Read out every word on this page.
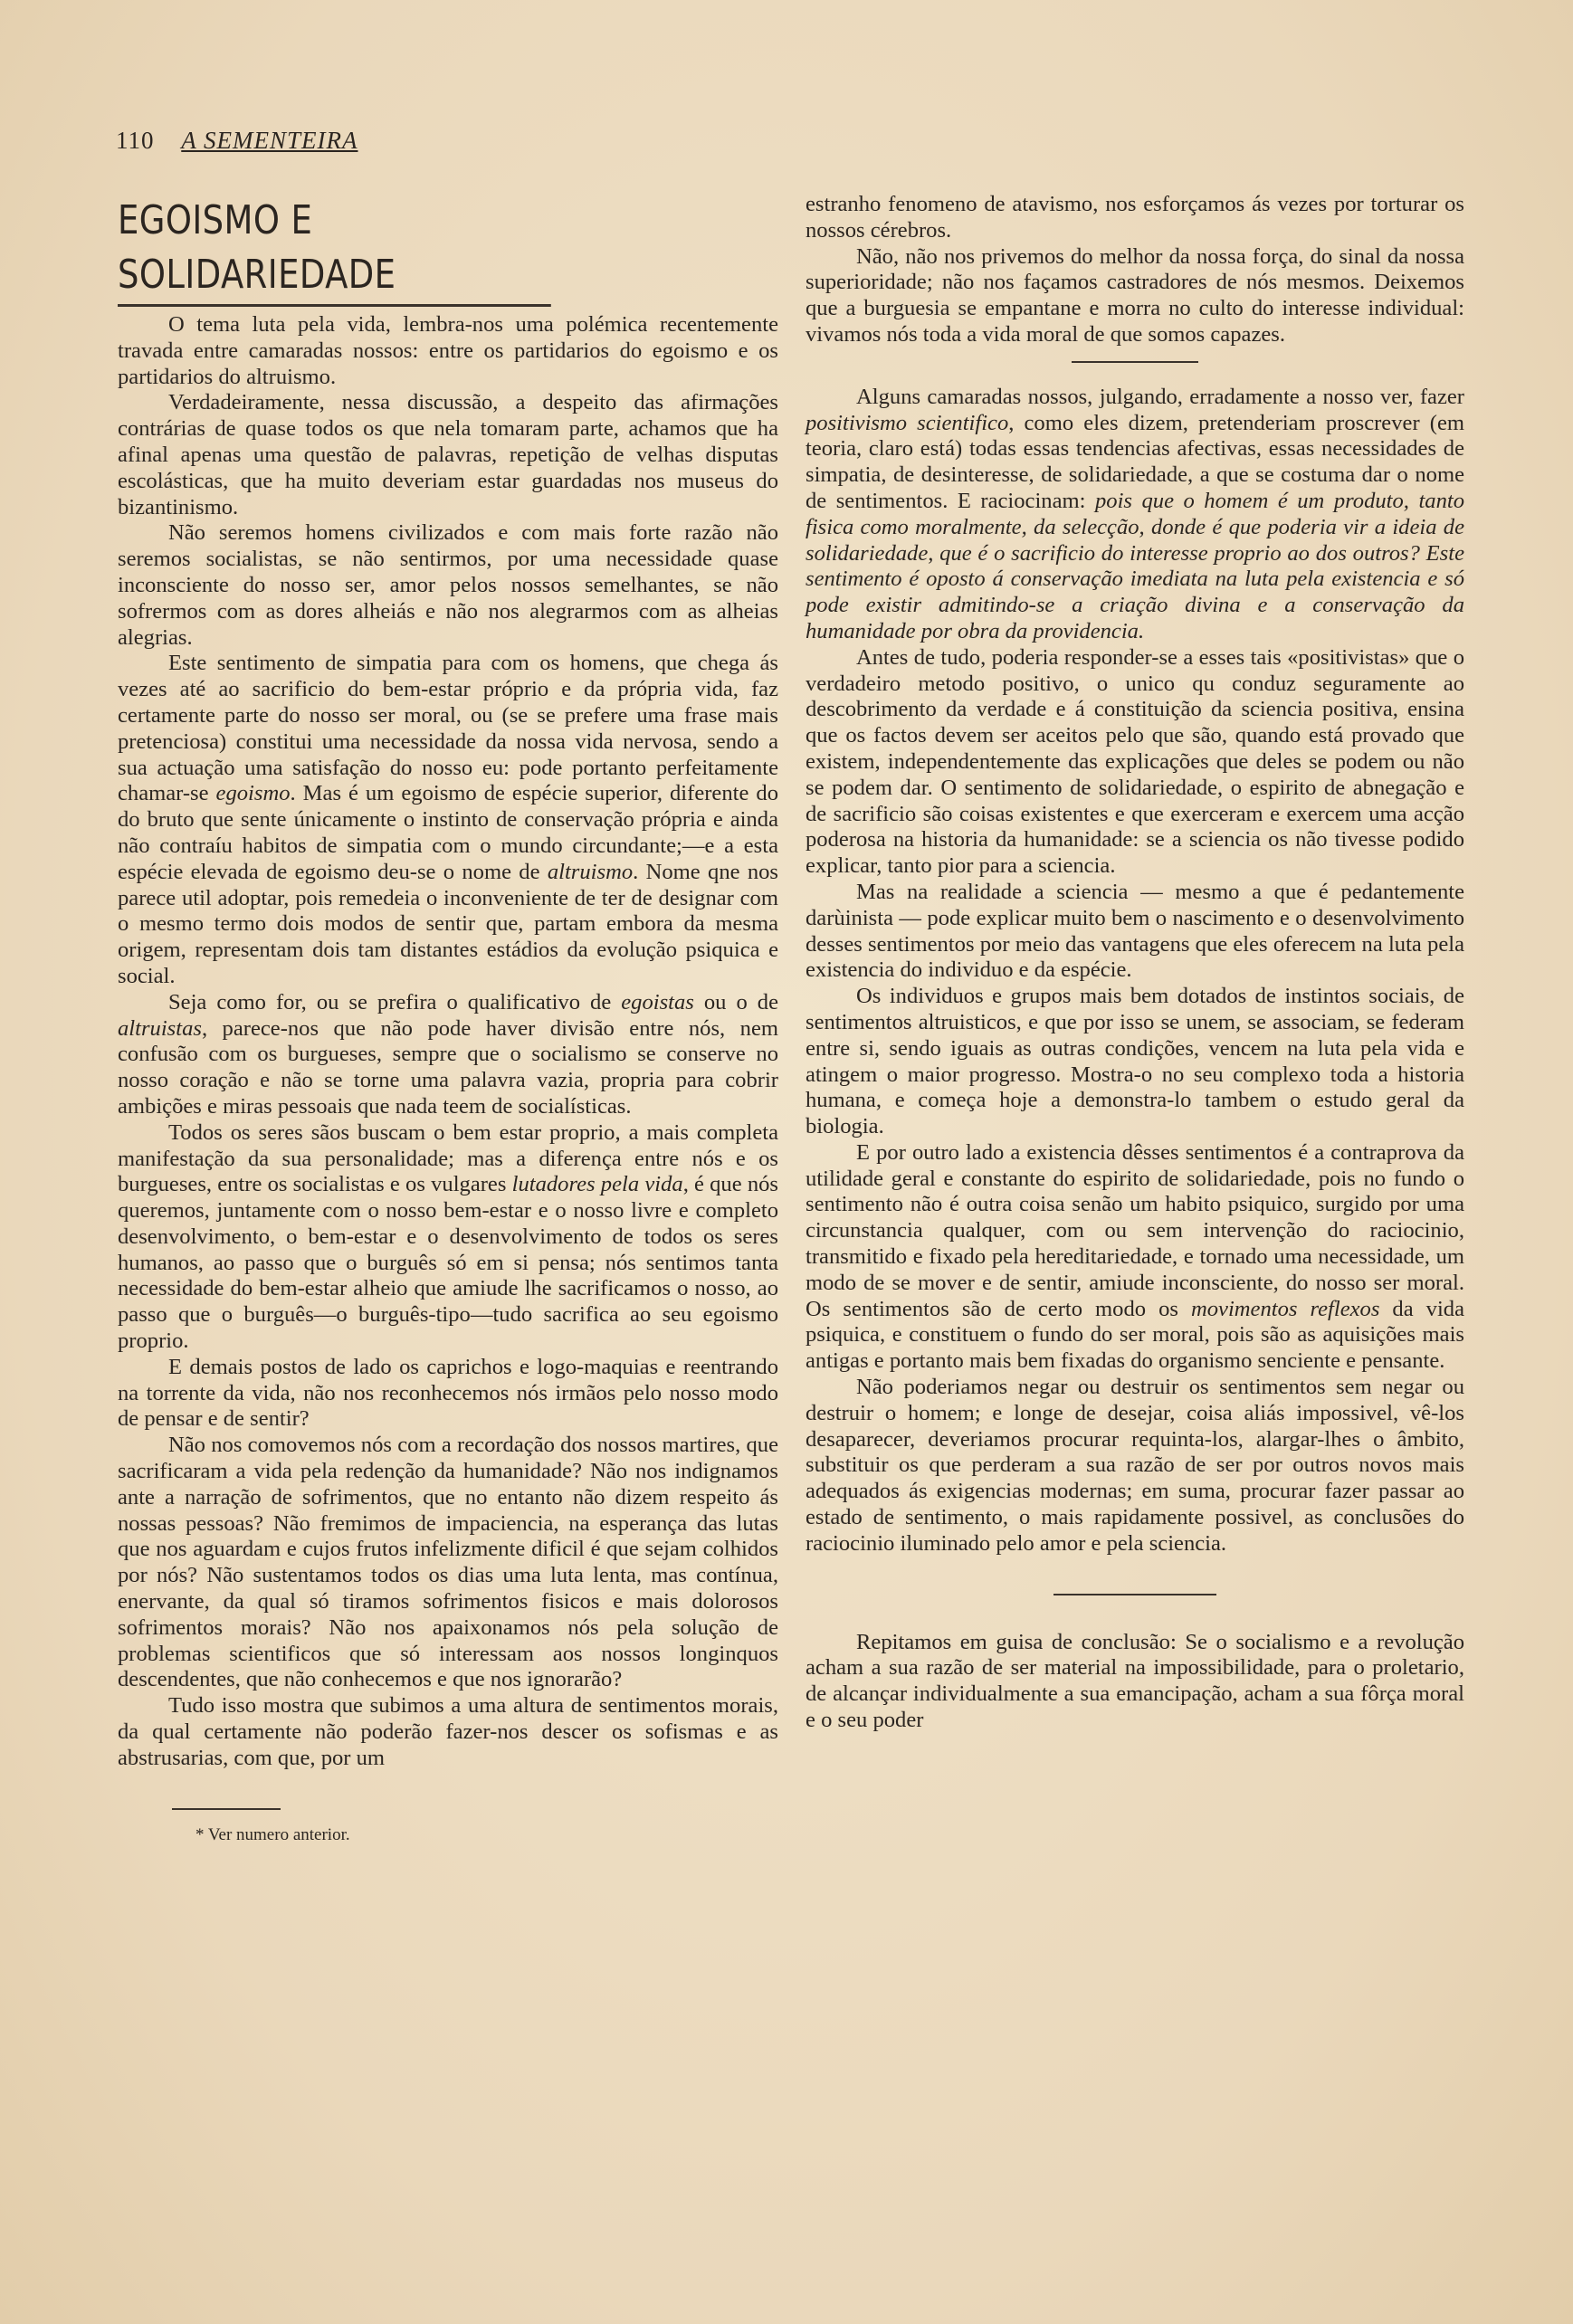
110 A SEMENTEIRA
EGOISMO E SOLIDARIEDADE

O tema luta pela vida, lembra-nos uma polémica recentemente travada entre camaradas nossos: entre os partidarios do egoismo e os partidarios do altruismo.

Verdadeiramente, nessa discussão, a despeito das afirmações contrárias de quase todos os que nela tomaram parte, achamos que ha afinal apenas uma questão de palavras, repetição de velhas disputas escolásticas, que ha muito deveriam estar guardadas nos museus do bizantinismo.

Não seremos homens civilizados e com mais forte razão não seremos socialistas, se não sentirmos, por uma necessidade quase inconsciente do nosso ser, amor pelos nossos semelhantes, se não sofrermos com as dores alheiás e não nos alegrarmos com as alheias alegrias.

Este sentimento de simpatia para com os homens, que chega ás vezes até ao sacrificio do bem-estar próprio e da própria vida, faz certamente parte do nosso ser moral, ou (se se prefere uma frase mais pretenciosa) constitui uma necessidade da nossa vida nervosa, sendo a sua actuação uma satisfação do nosso eu: pode portanto perfeitamente chamar-se egoismo. Mas é um egoismo de espécie superior, diferente do do bruto que sente únicamente o instinto de conservação própria e ainda não contraíu habitos de simpatia com o mundo circundante;—e a esta espécie elevada de egoismo deu-se o nome de altruismo. Nome qne nos parece util adoptar, pois remedeia o inconveniente de ter de designar com o mesmo termo dois modos de sentir que, partam embora da mesma origem, representam dois tam distantes estádios da evolução psiquica e social.

Seja como for, ou se prefira o qualificativo de egoistas ou o de altruistas, parece-nos que não pode haver divisão entre nós, nem confusão com os burgueses, sempre que o socialismo se conserve no nosso coração e não se torne uma palavra vazia, propria para cobrir ambições e miras pessoais que nada teem de socialísticas.

Todos os seres sãos buscam o bem estar proprio, a mais completa manifestação da sua personalidade; mas a diferença entre nós e os burgueses, entre os socialistas e os vulgares lutadores pela vida, é que nós queremos, juntamente com o nosso bem-estar e o nosso livre e completo desenvolvimento, o bem-estar e o desenvolvimento de todos os seres humanos, ao passo que o burguês só em si pensa; nós sentimos tanta necessidade do bem-estar alheio que amiude lhe sacrificamos o nosso, ao passo que o burguês—o burguês-tipo—tudo sacrifica ao seu egoismo proprio.

E demais postos de lado os caprichos e logo-maquias e reentrando na torrente da vida, não nos reconhecemos nós irmãos pelo nosso modo de pensar e de sentir?

Não nos comovemos nós com a recordação dos nossos martires, que sacrificaram a vida pela redenção da humanidade? Não nos indignamos ante a narração de sofrimentos, que no entanto não dizem respeito ás nossas pessoas? Não fremimos de impaciencia, na esperança das lutas que nos aguardam e cujos frutos infelizmente dificil é que sejam colhidos por nós? Não sustentamos todos os dias uma luta lenta, mas contínua, enervante, da qual só tiramos sofrimentos fisicos e mais dolorosos sofrimentos morais? Não nos apaixonamos nós pela solução de problemas scientificos que só interessam aos nossos longinquos descendentes, que não conhecemos e que nos ignorarão?

Tudo isso mostra que subimos a uma altura de sentimentos morais, da qual certamente não poderão fazer-nos descer os sofismas e as abstrusarias, com que, por um

* Ver numero anterior.

estranho fenomeno de atavismo, nos esforçamos ás vezes por torturar os nossos cérebros.

Não, não nos privemos do melhor da nossa força, do sinal da nossa superioridade; não nos façamos castradores de nós mesmos. Deixemos que a burguesia se empantane e morra no culto do interesse individual: vivamos nós toda a vida moral de que somos capazes.

Alguns camaradas nossos, julgando, erradamente a nosso ver, fazer positivismo scientifico, como eles dizem, pretenderiam proscrever (em teoria, claro está) todas essas tendencias afectivas, essas necessidades de simpatia, de desinteresse, de solidariedade, a que se costuma dar o nome de sentimentos. E raciocinam: pois que o homem é um produto, tanto fisica como moralmente, da selecção, donde é que poderia vir a ideia de solidariedade, que é o sacrificio do interesse proprio ao dos outros? Este sentimento é oposto á conservação imediata na luta pela existencia e só pode existir admitindo-se a criação divina e a conservação da humanidade por obra da providencia.

Antes de tudo, poderia responder-se a esses tais «positivistas» que o verdadeiro metodo positivo, o unico qu conduz seguramente ao descobrimento da verdade e á constituição da sciencia positiva, ensina que os factos devem ser aceitos pelo que são, quando está provado que existem, independentemente das explicações que deles se podem ou não se podem dar. O sentimento de solidariedade, o espirito de abnegação e de sacrificio são coisas existentes e que exerceram e exercem uma acção poderosa na historia da humanidade: se a sciencia os não tivesse podido explicar, tanto pior para a sciencia.

Mas na realidade a sciencia — mesmo a que é pedantemente darùinista — pode explicar muito bem o nascimento e o desenvolvimento desses sentimentos por meio das vantagens que eles oferecem na luta pela existencia do individuo e da espécie.

Os individuos e grupos mais bem dotados de instintos sociais, de sentimentos altruisticos, e que por isso se unem, se associam, se federam entre si, sendo iguais as outras condições, vencem na luta pela vida e atingem o maior progresso. Mostra-o no seu complexo toda a historia humana, e começa hoje a demonstra-lo tambem o estudo geral da biologia.

E por outro lado a existencia dêsses sentimentos é a contraprova da utilidade geral e constante do espirito de solidariedade, pois no fundo o sentimento não é outra coisa senão um habito psiquico, surgido por uma circunstancia qualquer, com ou sem intervenção do raciocinio, transmitido e fixado pela hereditariedade, e tornado uma necessidade, um modo de se mover e de sentir, amiude inconsciente, do nosso ser moral. Os sentimentos são de certo modo os movimentos reflexos da vida psiquica, e constituem o fundo do ser moral, pois são as aquisições mais antigas e portanto mais bem fixadas do organismo senciente e pensante.

Não poderiamos negar ou destruir os sentimentos sem negar ou destruir o homem; e longe de desejar, coisa aliás impossivel, vê-los desaparecer, deveriamos procurar requinta-los, alargar-lhes o âmbito, substituir os que perderam a sua razão de ser por outros novos mais adequados ás exigencias modernas; em suma, procurar fazer passar ao estado de sentimento, o mais rapidamente possivel, as conclusões do raciocinio iluminado pelo amor e pela sciencia.

Repitamos em guisa de conclusão: Se o socialismo e a revolução acham a sua razão de ser material na impossibilidade, para o proletario, de alcançar individualmente a sua emancipação, acham a sua fôrça moral e o seu poder
